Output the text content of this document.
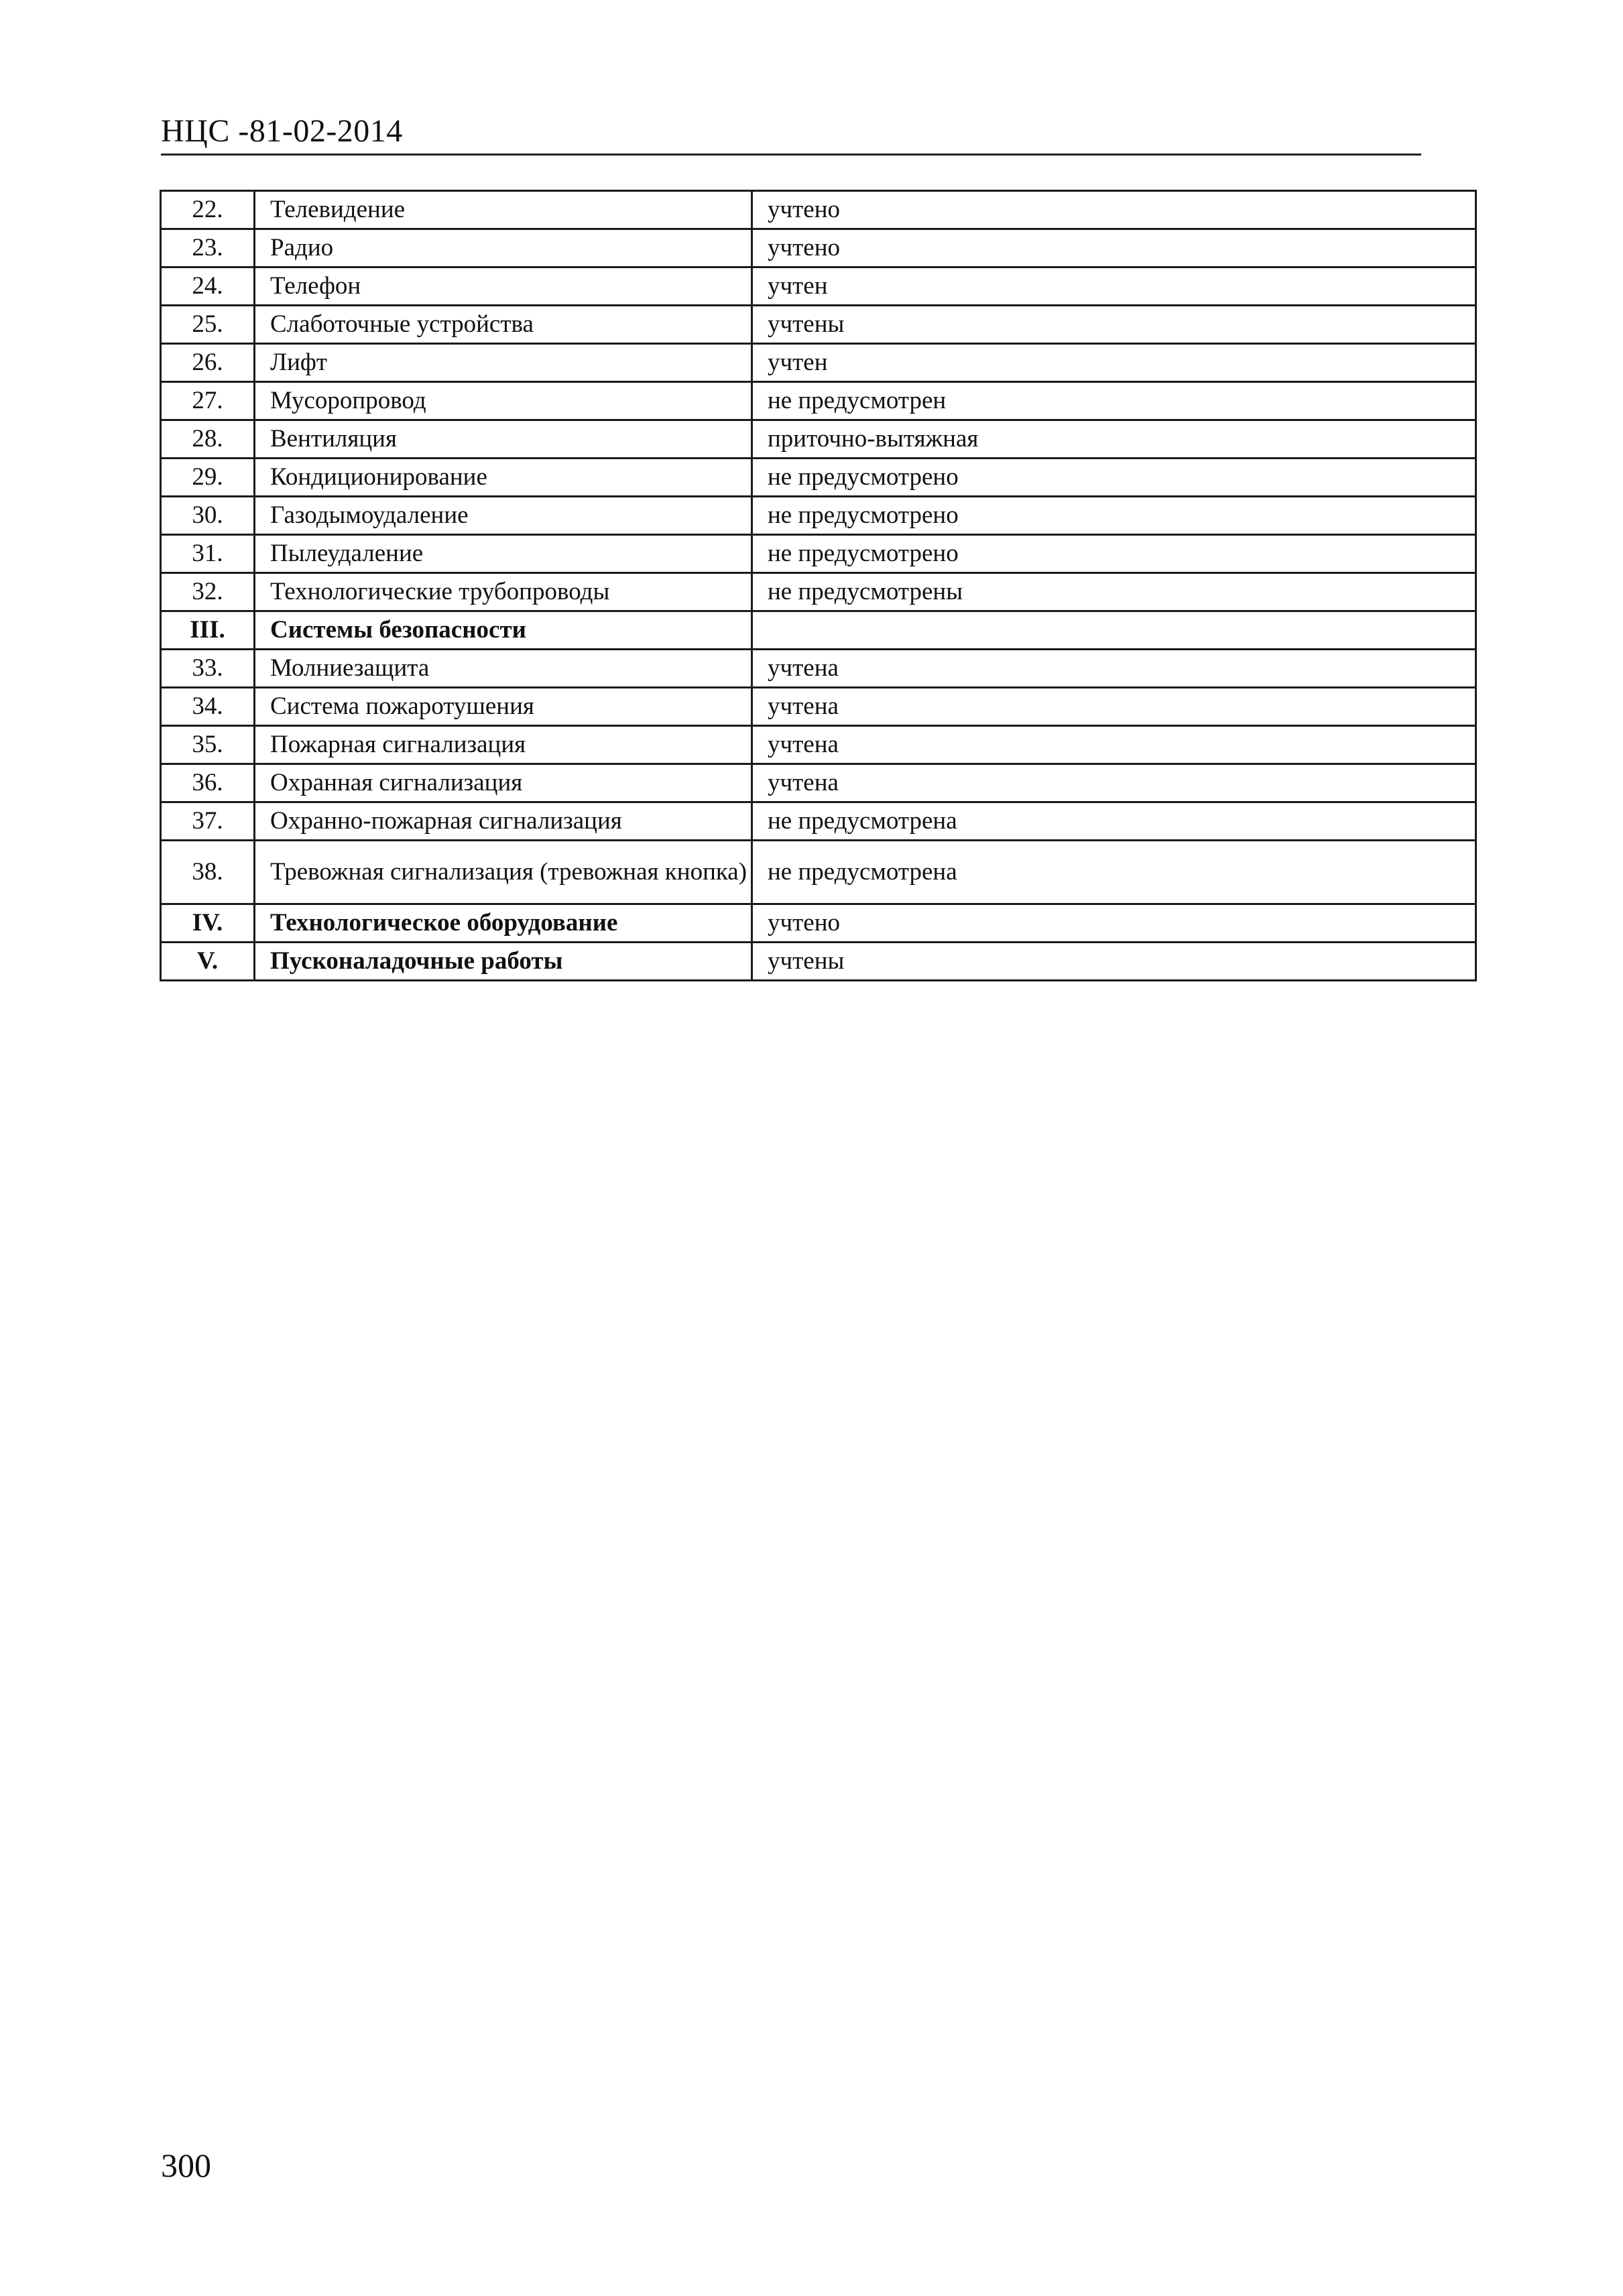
НЦС -81-02-2014
22.	Телевидение	учтено
23.	Радио	учтено
24.	Телефон	учтен
25.	Слаботочные устройства	учтены
26.	Лифт	учтен
27.	Мусоропровод	не предусмотрен
28.	Вентиляция	приточно-вытяжная
29.	Кондиционирование	не предусмотрено
30.	Газодымоудаление	не предусмотрено
31.	Пылеудаление	не предусмотрено
32.	Технологические трубопроводы	не предусмотрены
III.	Системы безопасности	
33.	Молниезащита	учтена
34.	Система пожаротушения	учтена
35.	Пожарная сигнализация	учтена
36.	Охранная сигнализация	учтена
37.	Охранно-пожарная сигнализация	не предусмотрена
38.	Тревожная сигнализация (тревожная кнопка)	не предусмотрена
IV.	Технологическое оборудование	учтено
V.	Пусконаладочные работы	учтены
300
